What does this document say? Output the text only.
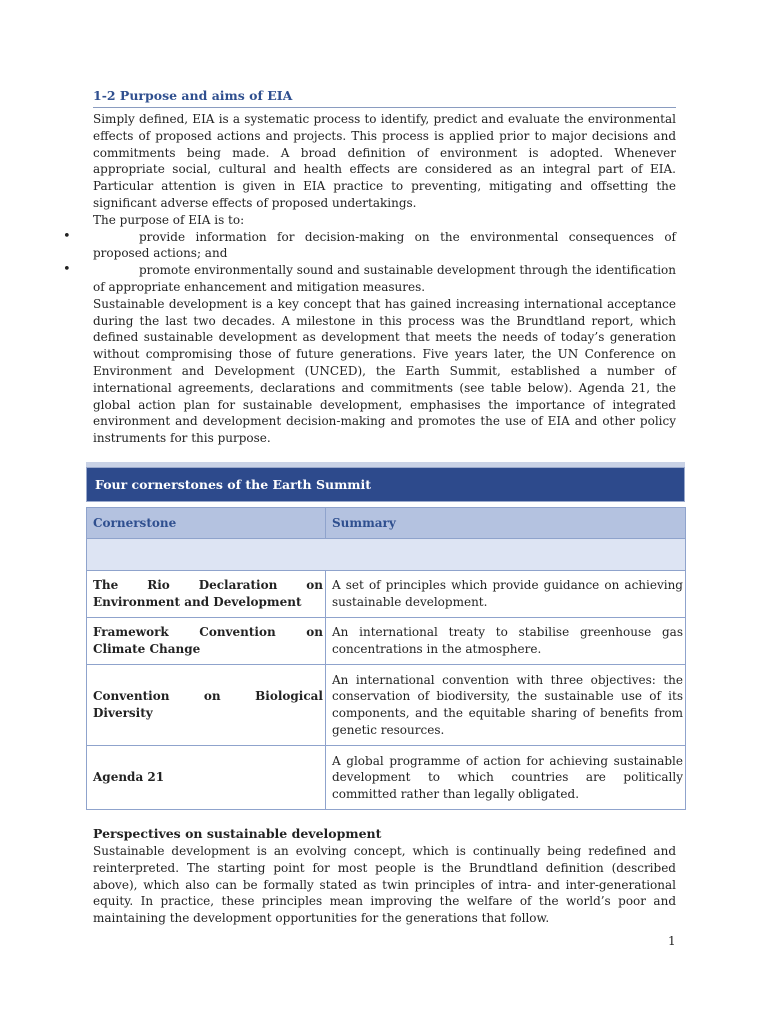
1-2 Purpose and aims of EIA

Simply defined, EIA is a systematic process to identify, predict and evaluate the environmental effects of proposed actions and projects. This process is applied prior to major decisions and commitments being made. A broad definition of environment is adopted. Whenever appropriate social, cultural and health effects are considered as an integral part of EIA. Particular attention is given in EIA practice to preventing, mitigating and offsetting the significant adverse effects of proposed undertakings.

The purpose of EIA is to:

•	provide information for decision-making on the environmental consequences of proposed actions; and
•	promote environmentally sound and sustainable development through the identification of appropriate enhancement and mitigation measures.

Sustainable development is a key concept that has gained increasing international acceptance during the last two decades. A milestone in this process was the Brundtland report, which defined sustainable development as development that meets the needs of today’s generation without compromising those of future generations. Five years later, the UN Conference on Environment and Development (UNCED), the Earth Summit, established a number of international agreements, declarations and commitments (see table below). Agenda 21, the global action plan for sustainable development, emphasises the importance of integrated environment and development decision-making and promotes the use of EIA and other policy instruments for this purpose.

Four cornerstones of the Earth Summit
Cornerstone	Summary

The Rio Declaration on Environment and Development	A set of principles which provide guidance on achieving sustainable development.
Framework Convention on Climate Change	An international treaty to stabilise greenhouse gas concentrations in the atmosphere.
Convention on Biological Diversity	An international convention with three objectives: the conservation of biodiversity, the sustainable use of its components, and the equitable sharing of benefits from genetic resources.
Agenda 21	A global programme of action for achieving sustainable development to which countries are politically committed rather than legally obligated.
Perspectives on sustainable development

Sustainable development is an evolving concept, which is continually being redefined and reinterpreted. The starting point for most people is the Brundtland definition (described above), which also can be formally stated as twin principles of intra- and inter-generational equity. In practice, these principles mean improving the welfare of the world’s poor and maintaining the development opportunities for the generations that follow.

1
